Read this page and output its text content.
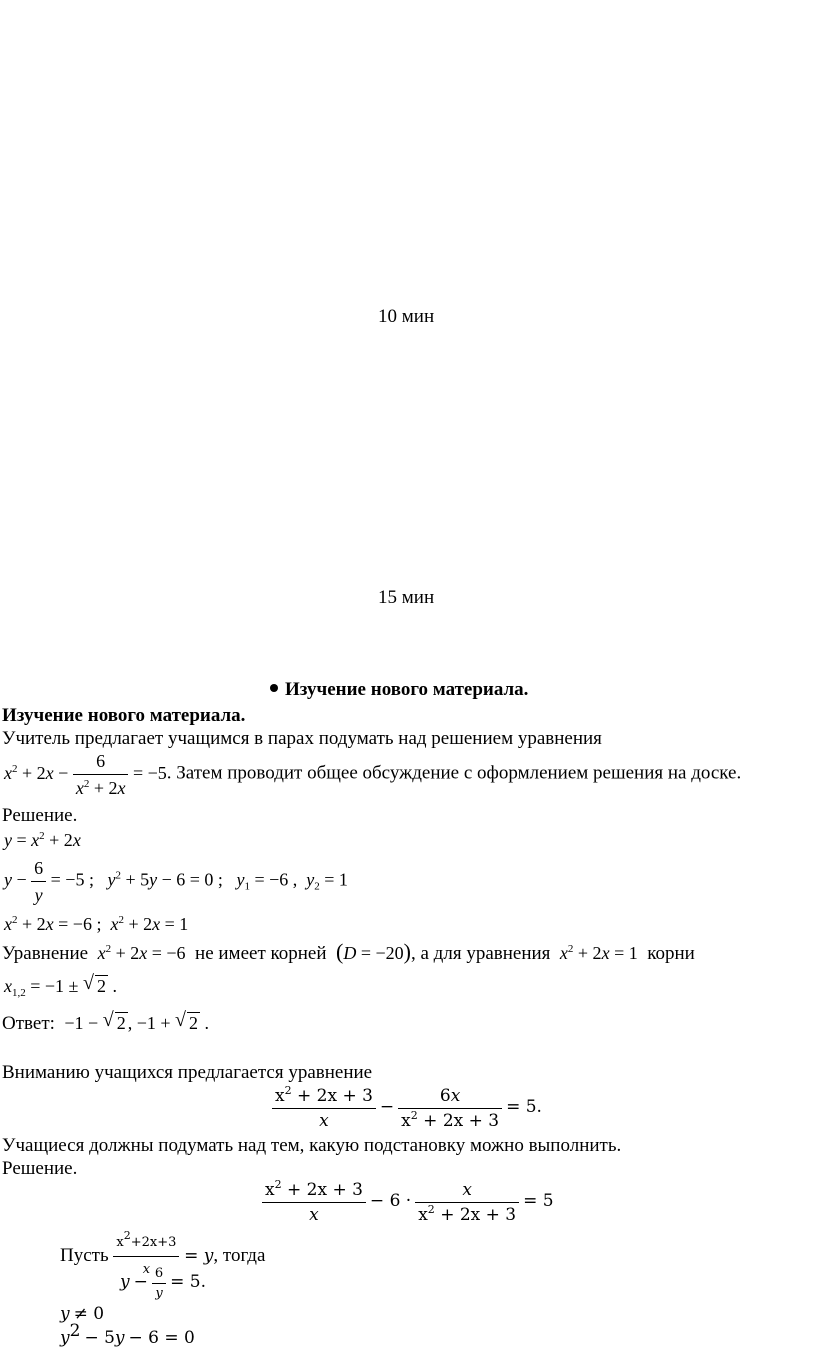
10 мин
15 мин
Изучение нового материала.
Изучение нового материала.
Учитель предлагает учащимся в парах подумать над решением уравнения
$x^2 + 2x - \frac{6}{x^2 + 2x} = -5$. Затем проводит общее обсуждение с оформлением решения на доске.
Решение.
$y = x^2 + 2x$
$y - \frac{6}{y} = -5$ ;   $y^2 + 5y - 6 = 0$ ;   $y_1 = -6$ ,  $y_2 = 1$
$x^2 + 2x = -6$ ;  $x^2 + 2x = 1$
Уравнение $x^2 + 2x = -6$ не имеет корней (D = −20), а для уравнения $x^2 + 2x = 1$ корни
$x_{1,2} = -1$ ± √ 2 .
Ответ: −1 − √ 2 , −1 + √ 2 .
Вниманию учащихся предлагается уравнение
$\frac{x^2 + 2x + 3}{x} - \frac{6x}{x^2 + 2x + 3} = 5$.
Учащиеся должны подумать над тем, какую подстановку можно выполнить.
Решение.
$\frac{x^2 + 2x + 3}{x} - 6 \cdot \frac{x}{x^2 + 2x + 3} = 5$
Пусть $\frac{x^2+2x+3}{x} = y$, тогда
$y - \frac{6}{y} = 5$.
y ≠ 0
$y^2 - 5y - 6 = 0$
